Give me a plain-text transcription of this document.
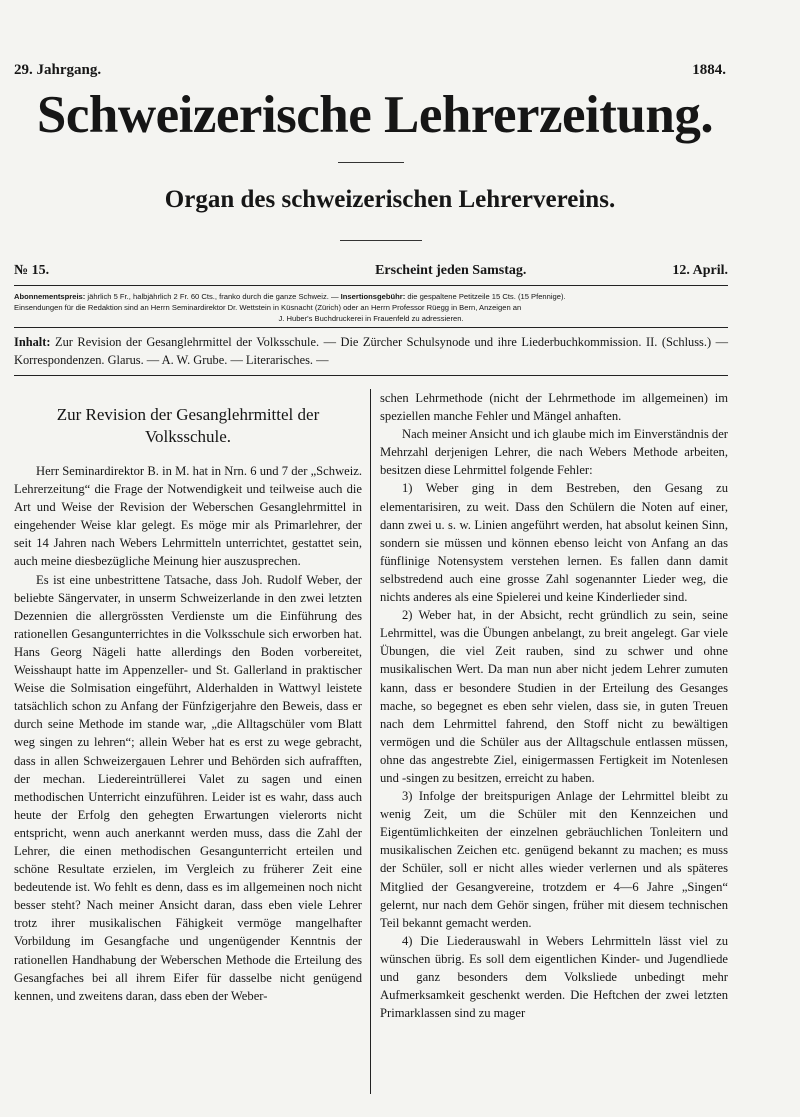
29. Jahrgang.	1884.
Schweizerische Lehrerzeitung.
Organ des schweizerischen Lehrervereins.
№ 15.	Erscheint jeden Samstag.	12. April.

Abonnementspreis: jährlich 5 Fr., halbjährlich 2 Fr. 60 Cts., franko durch die ganze Schweiz. — Insertionsgebühr: die gespaltene Petitzeile 15 Cts. (15 Pfennige).

Einsendungen für die Redaktion sind an Herrn Seminardirektor Dr. Wettstein in Küsnacht (Zürich) oder an Herrn Professor Rüegg in Bern, Anzeigen an

J. Huber's Buchdruckerei in Frauenfeld zu adressieren.

Inhalt: Zur Revision der Gesanglehrmittel der Volksschule. — Die Zürcher Schulsynode und ihre Liederbuchkommission. II. (Schluss.) — Korrespondenzen. Glarus. — A. W. Grube. — Literarisches. —

Zur Revision der Gesanglehrmittel der
Volksschule.

Herr Seminardirektor B. in M. hat in Nrn. 6 und 7 der „Schweiz. Lehrerzeitung“ die Frage der Notwendigkeit und teilweise auch die Art und Weise der Revision der Weberschen Gesanglehrmittel in eingehender Weise klar gelegt. Es möge mir als Primarlehrer, der seit 14 Jahren nach Webers Lehrmitteln unterrichtet, gestattet sein, auch meine diesbezügliche Meinung hier auszusprechen.

Es ist eine unbestrittene Tatsache, dass Joh. Rudolf Weber, der beliebte Sängervater, in unserm Schweizerlande in den zwei letzten Dezennien die allergrössten Verdienste um die Einführung des rationellen Gesangunterrichtes in die Volksschule sich erworben hat. Hans Georg Nägeli hatte allerdings den Boden vorbereitet, Weisshaupt hatte im Appenzeller- und St. Gallerland in praktischer Weise die Solmisation eingeführt, Alderhalden in Wattwyl leistete tatsächlich schon zu Anfang der Fünfzigerjahre den Beweis, dass er durch seine Methode im stande war, „die Alltagschüler vom Blatt weg singen zu lehren“; allein Weber hat es erst zu wege gebracht, dass in allen Schweizergauen Lehrer und Behörden sich aufrafften, der mechan. Liedereintrüllerei Valet zu sagen und einen methodischen Unterricht einzuführen. Leider ist es wahr, dass auch heute der Erfolg den gehegten Erwartungen vielerorts nicht entspricht, wenn auch anerkannt werden muss, dass die Zahl der Lehrer, die einen methodischen Gesangunterricht erteilen und schöne Resultate erzielen, im Vergleich zu früherer Zeit eine bedeutende ist. Wo fehlt es denn, dass es im allgemeinen noch nicht besser steht? Nach meiner Ansicht daran, dass eben viele Lehrer trotz ihrer musikalischen Fähigkeit vermöge mangelhafter Vorbildung im Gesangfache und ungenügender Kenntnis der rationellen Handhabung der Weberschen Methode die Erteilung des Gesangfaches bei all ihrem Eifer für dasselbe nicht genügend kennen, und zweitens daran, dass eben der Weber-

schen Lehrmethode (nicht der Lehrmethode im allgemeinen) im speziellen manche Fehler und Mängel anhaften.

Nach meiner Ansicht und ich glaube mich im Einverständnis der Mehrzahl derjenigen Lehrer, die nach Webers Methode arbeiten, besitzen diese Lehrmittel folgende Fehler:

1) Weber ging in dem Bestreben, den Gesang zu elementarisiren, zu weit. Dass den Schülern die Noten auf einer, dann zwei u. s. w. Linien angeführt werden, hat absolut keinen Sinn, sondern sie müssen und können ebenso leicht von Anfang an das fünflinige Notensystem verstehen lernen. Es fallen dann damit selbstredend auch eine grosse Zahl sogenannter Lieder weg, die nichts anderes als eine Spielerei und keine Kinderlieder sind.

2) Weber hat, in der Absicht, recht gründlich zu sein, seine Lehrmittel, was die Übungen anbelangt, zu breit angelegt. Gar viele Übungen, die viel Zeit rauben, sind zu schwer und ohne musikalischen Wert. Da man nun aber nicht jedem Lehrer zumuten kann, dass er besondere Studien in der Erteilung des Gesanges mache, so begegnet es eben sehr vielen, dass sie, in guten Treuen nach dem Lehrmittel fahrend, den Stoff nicht zu bewältigen vermögen und die Schüler aus der Alltagschule entlassen müssen, ohne das angestrebte Ziel, einigermassen Fertigkeit im Notenlesen und -singen zu besitzen, erreicht zu haben.

3) Infolge der breitspurigen Anlage der Lehrmittel bleibt zu wenig Zeit, um die Schüler mit den Kennzeichen und Eigentümlichkeiten der einzelnen gebräuchlichen Tonleitern und musikalischen Zeichen etc. genügend bekannt zu machen; es muss der Schüler, soll er nicht alles wieder verlernen und als späteres Mitglied der Gesangvereine, trotzdem er 4—6 Jahre „Singen“ gelernt, nur nach dem Gehör singen, früher mit diesem technischen Teil bekannt gemacht werden.

4) Die Liederauswahl in Webers Lehrmitteln lässt viel zu wünschen übrig. Es soll dem eigentlichen Kinder- und Jugendliede und ganz besonders dem Volksliede unbedingt mehr Aufmerksamkeit geschenkt werden. Die Heftchen der zwei letzten Primarklassen sind zu mager
